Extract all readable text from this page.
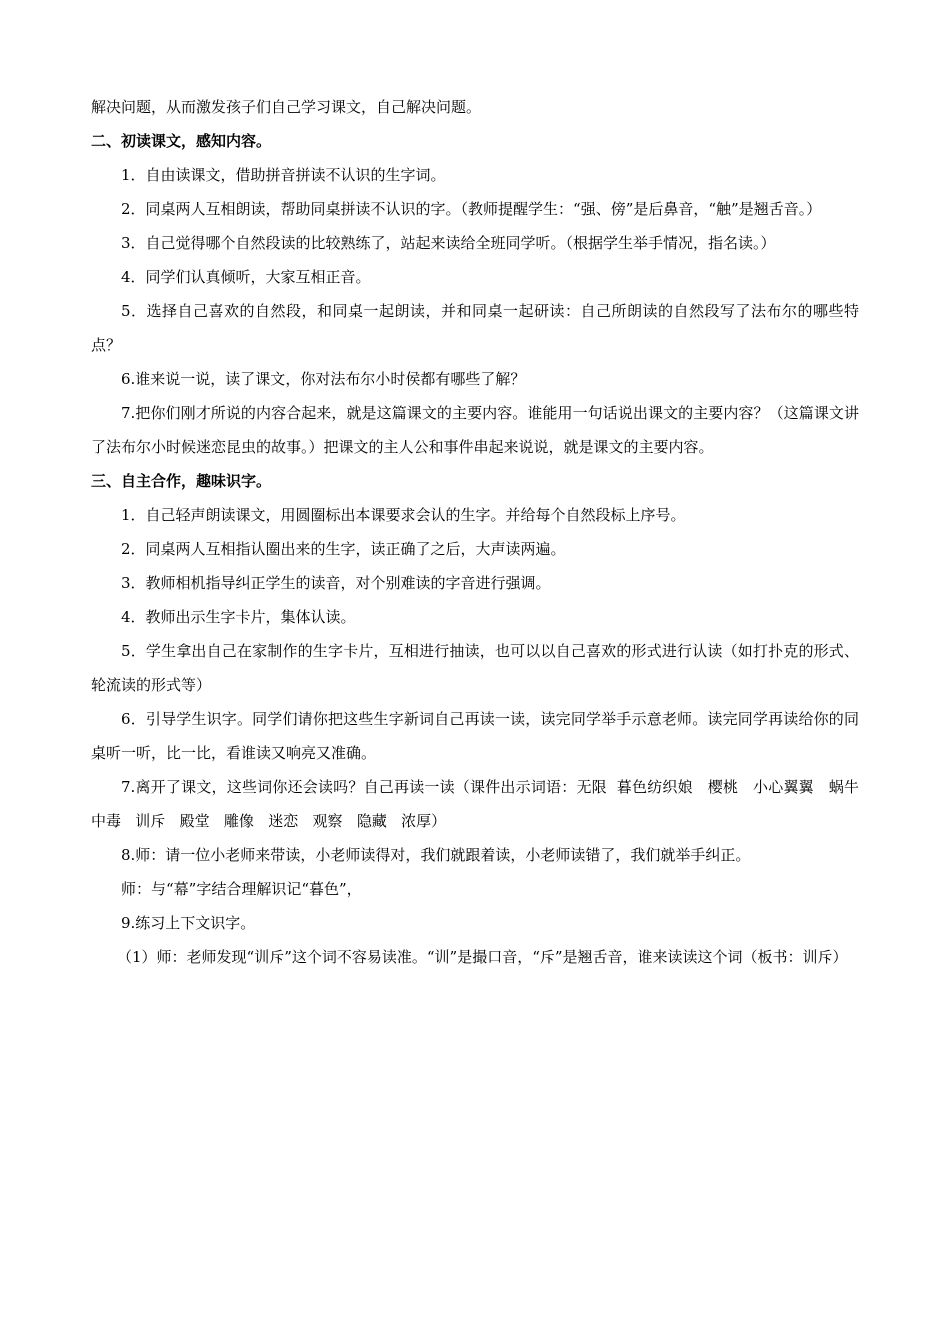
解决问题，从而激发孩子们自己学习课文，自己解决问题。

二、初读课文，感知内容。

1．自由读课文，借助拼音拼读不认识的生字词。

2．同桌两人互相朗读，帮助同桌拼读不认识的字。（教师提醒学生：“强、傍”是后鼻音，“触”是翘舌音。）

3．自己觉得哪个自然段读的比较熟练了，站起来读给全班同学听。（根据学生举手情况，指名读。）

4．同学们认真倾听，大家互相正音。

5．选择自己喜欢的自然段，和同桌一起朗读，并和同桌一起研读：自己所朗读的自然段写了法布尔的哪些特点？

6.谁来说一说，读了课文，你对法布尔小时侯都有哪些了解？

7.把你们刚才所说的内容合起来，就是这篇课文的主要内容。谁能用一句话说出课文的主要内容？（这篇课文讲了法布尔小时候迷恋昆虫的故事。）把课文的主人公和事件串起来说说，就是课文的主要内容。

三、自主合作，趣味识字。

1．自己轻声朗读课文，用圆圈标出本课要求会认的生字。并给每个自然段标上序号。

2．同桌两人互相指认圈出来的生字，读正确了之后，大声读两遍。

3．教师相机指导纠正学生的读音，对个别难读的字音进行强调。

4．教师出示生字卡片，集体认读。

5．学生拿出自己在家制作的生字卡片，互相进行抽读，也可以以自己喜欢的形式进行认读（如打扑克的形式、轮流读的形式等）

6．引导学生识字。同学们请你把这些生字新词自己再读一读，读完同学举手示意老师。读完同学再读给你的同桌听一听，比一比，看谁读又响亮又准确。

7.离开了课文，这些词你还会读吗？自己再读一读（课件出示词语：无限  暮色纺织娘   樱桃   小心翼翼   蜗牛   中毒   训斥   殿堂   雕像   迷恋   观察   隐藏   浓厚）

8.师：请一位小老师来带读，小老师读得对，我们就跟着读，小老师读错了，我们就举手纠正。

师：与“幕”字结合理解识记“暮色”，

9.练习上下文识字。

（1）师：老师发现“训斥”这个词不容易读准。“训”是撮口音，“斥”是翘舌音，谁来读读这个词（板书：训斥）
